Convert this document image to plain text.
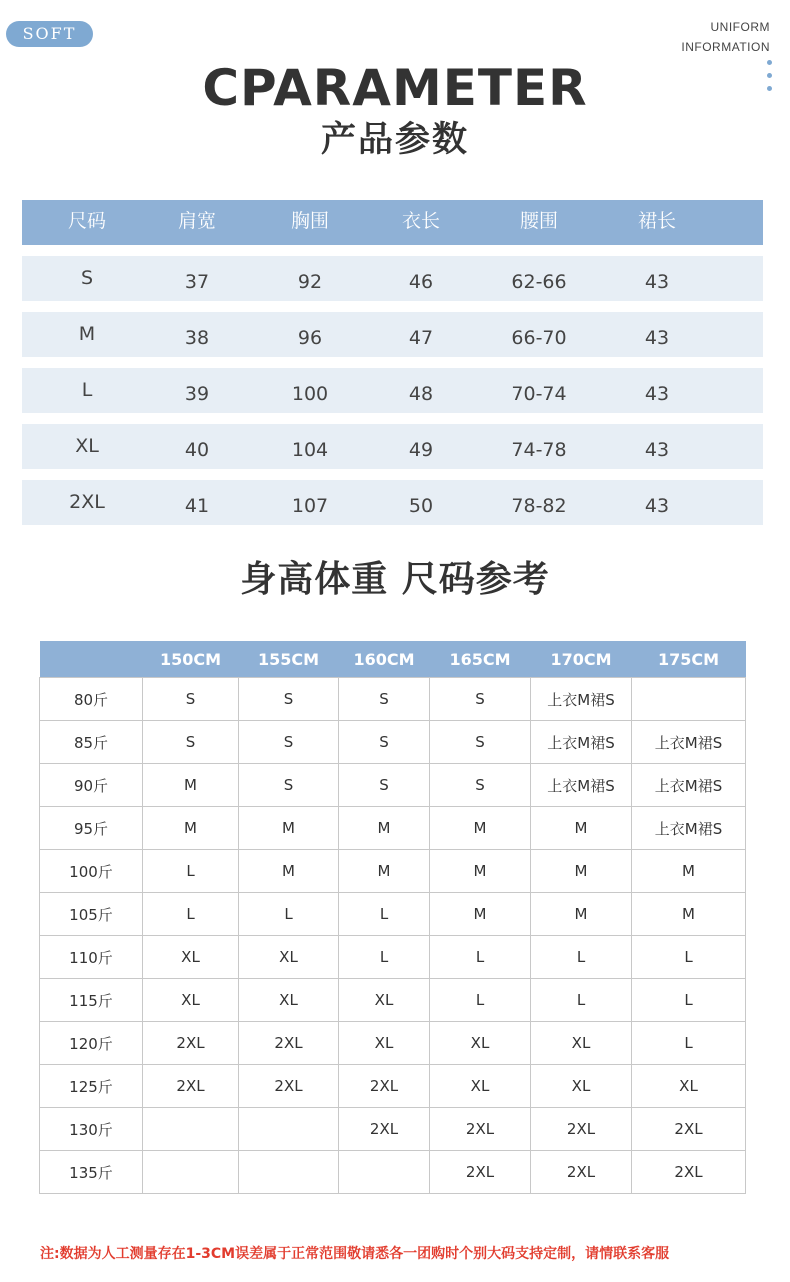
SOFT	UNIFORM
INFORMATION
CPARAMETER
产品参数
尺码	肩宽	胸围	衣长	腰围	裙长
S	37	92	46	62-66	43
M	38	96	47	66-70	43
L	39	100	48	70-74	43
XL	40	104	49	74-78	43
2XL	41	107	50	78-82	43
身高体重 尺码参考
	150CM	155CM	160CM	165CM	170CM	175CM
80斤	S	S	S	S	上衣M裙S	
85斤	S	S	S	S	上衣M裙S	上衣M裙S
90斤	M	S	S	S	上衣M裙S	上衣M裙S
95斤	M	M	M	M	M	上衣M裙S
100斤	L	M	M	M	M	M
105斤	L	L	L	M	M	M
110斤	XL	XL	L	L	L	L
115斤	XL	XL	XL	L	L	L
120斤	2XL	2XL	XL	XL	XL	L
125斤	2XL	2XL	2XL	XL	XL	XL
130斤			2XL	2XL	2XL	2XL
135斤				2XL	2XL	2XL
注:数据为人工测量存在1-3CM误差属于正常范围敬请悉各一团购时个别大码支持定制，请情联系客服
